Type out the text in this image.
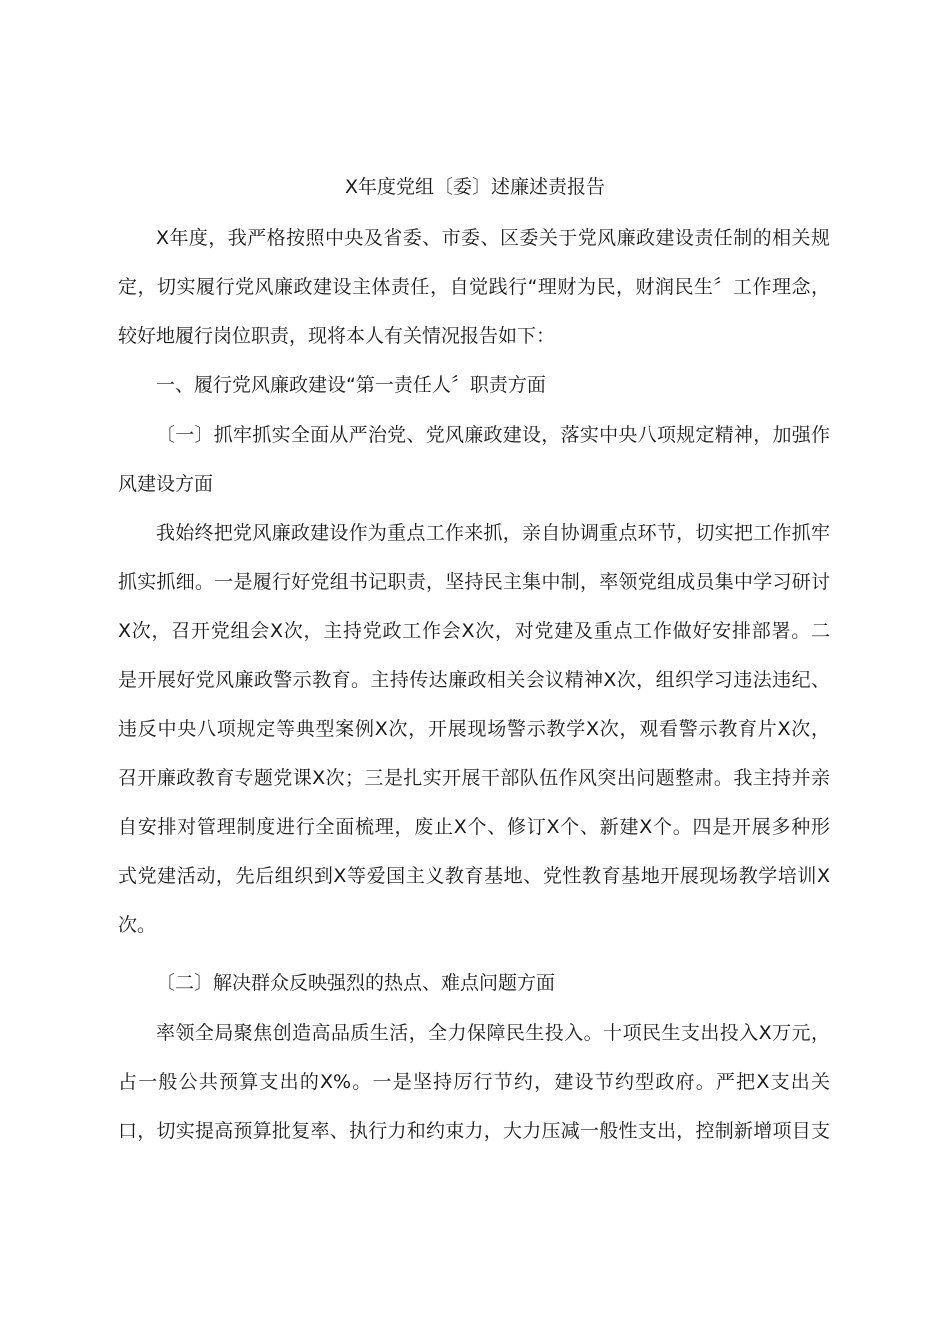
X年度党组〔委〕述廉述责报告
X年度，我严格按照中央及省委、市委、区委关于党风廉政建设责任制的相关规
定，切实履行党风廉政建设主体责任，自觉践行“理财为民，财润民生〞工作理念，
较好地履行岗位职责，现将本人有关情况报告如下：
一、履行党风廉政建设“第一责任人〞职责方面
〔一〕抓牢抓实全面从严治党、党风廉政建设，落实中央八项规定精神，加强作
风建设方面
我始终把党风廉政建设作为重点工作来抓，亲自协调重点环节，切实把工作抓牢
抓实抓细。一是履行好党组书记职责，坚持民主集中制，率领党组成员集中学习研讨
X次，召开党组会X次，主持党政工作会X次，对党建及重点工作做好安排部署。二
是开展好党风廉政警示教育。主持传达廉政相关会议精神X次，组织学习违法违纪、
违反中央八项规定等典型案例X次，开展现场警示教学X次，观看警示教育片X次，
召开廉政教育专题党课X次；三是扎实开展干部队伍作风突出问题整肃。我主持并亲
自安排对管理制度进行全面梳理，废止X个、修订X个、新建X个。四是开展多种形
式党建活动，先后组织到X等爱国主义教育基地、党性教育基地开展现场教学培训X
次。
〔二〕解决群众反映强烈的热点、难点问题方面
率领全局聚焦创造高品质生活，全力保障民生投入。十项民生支出投入X万元，
占一般公共预算支出的X%。一是坚持厉行节约，建设节约型政府。严把X支出关
口，切实提高预算批复率、执行力和约束力，大力压减一般性支出，控制新增项目支
